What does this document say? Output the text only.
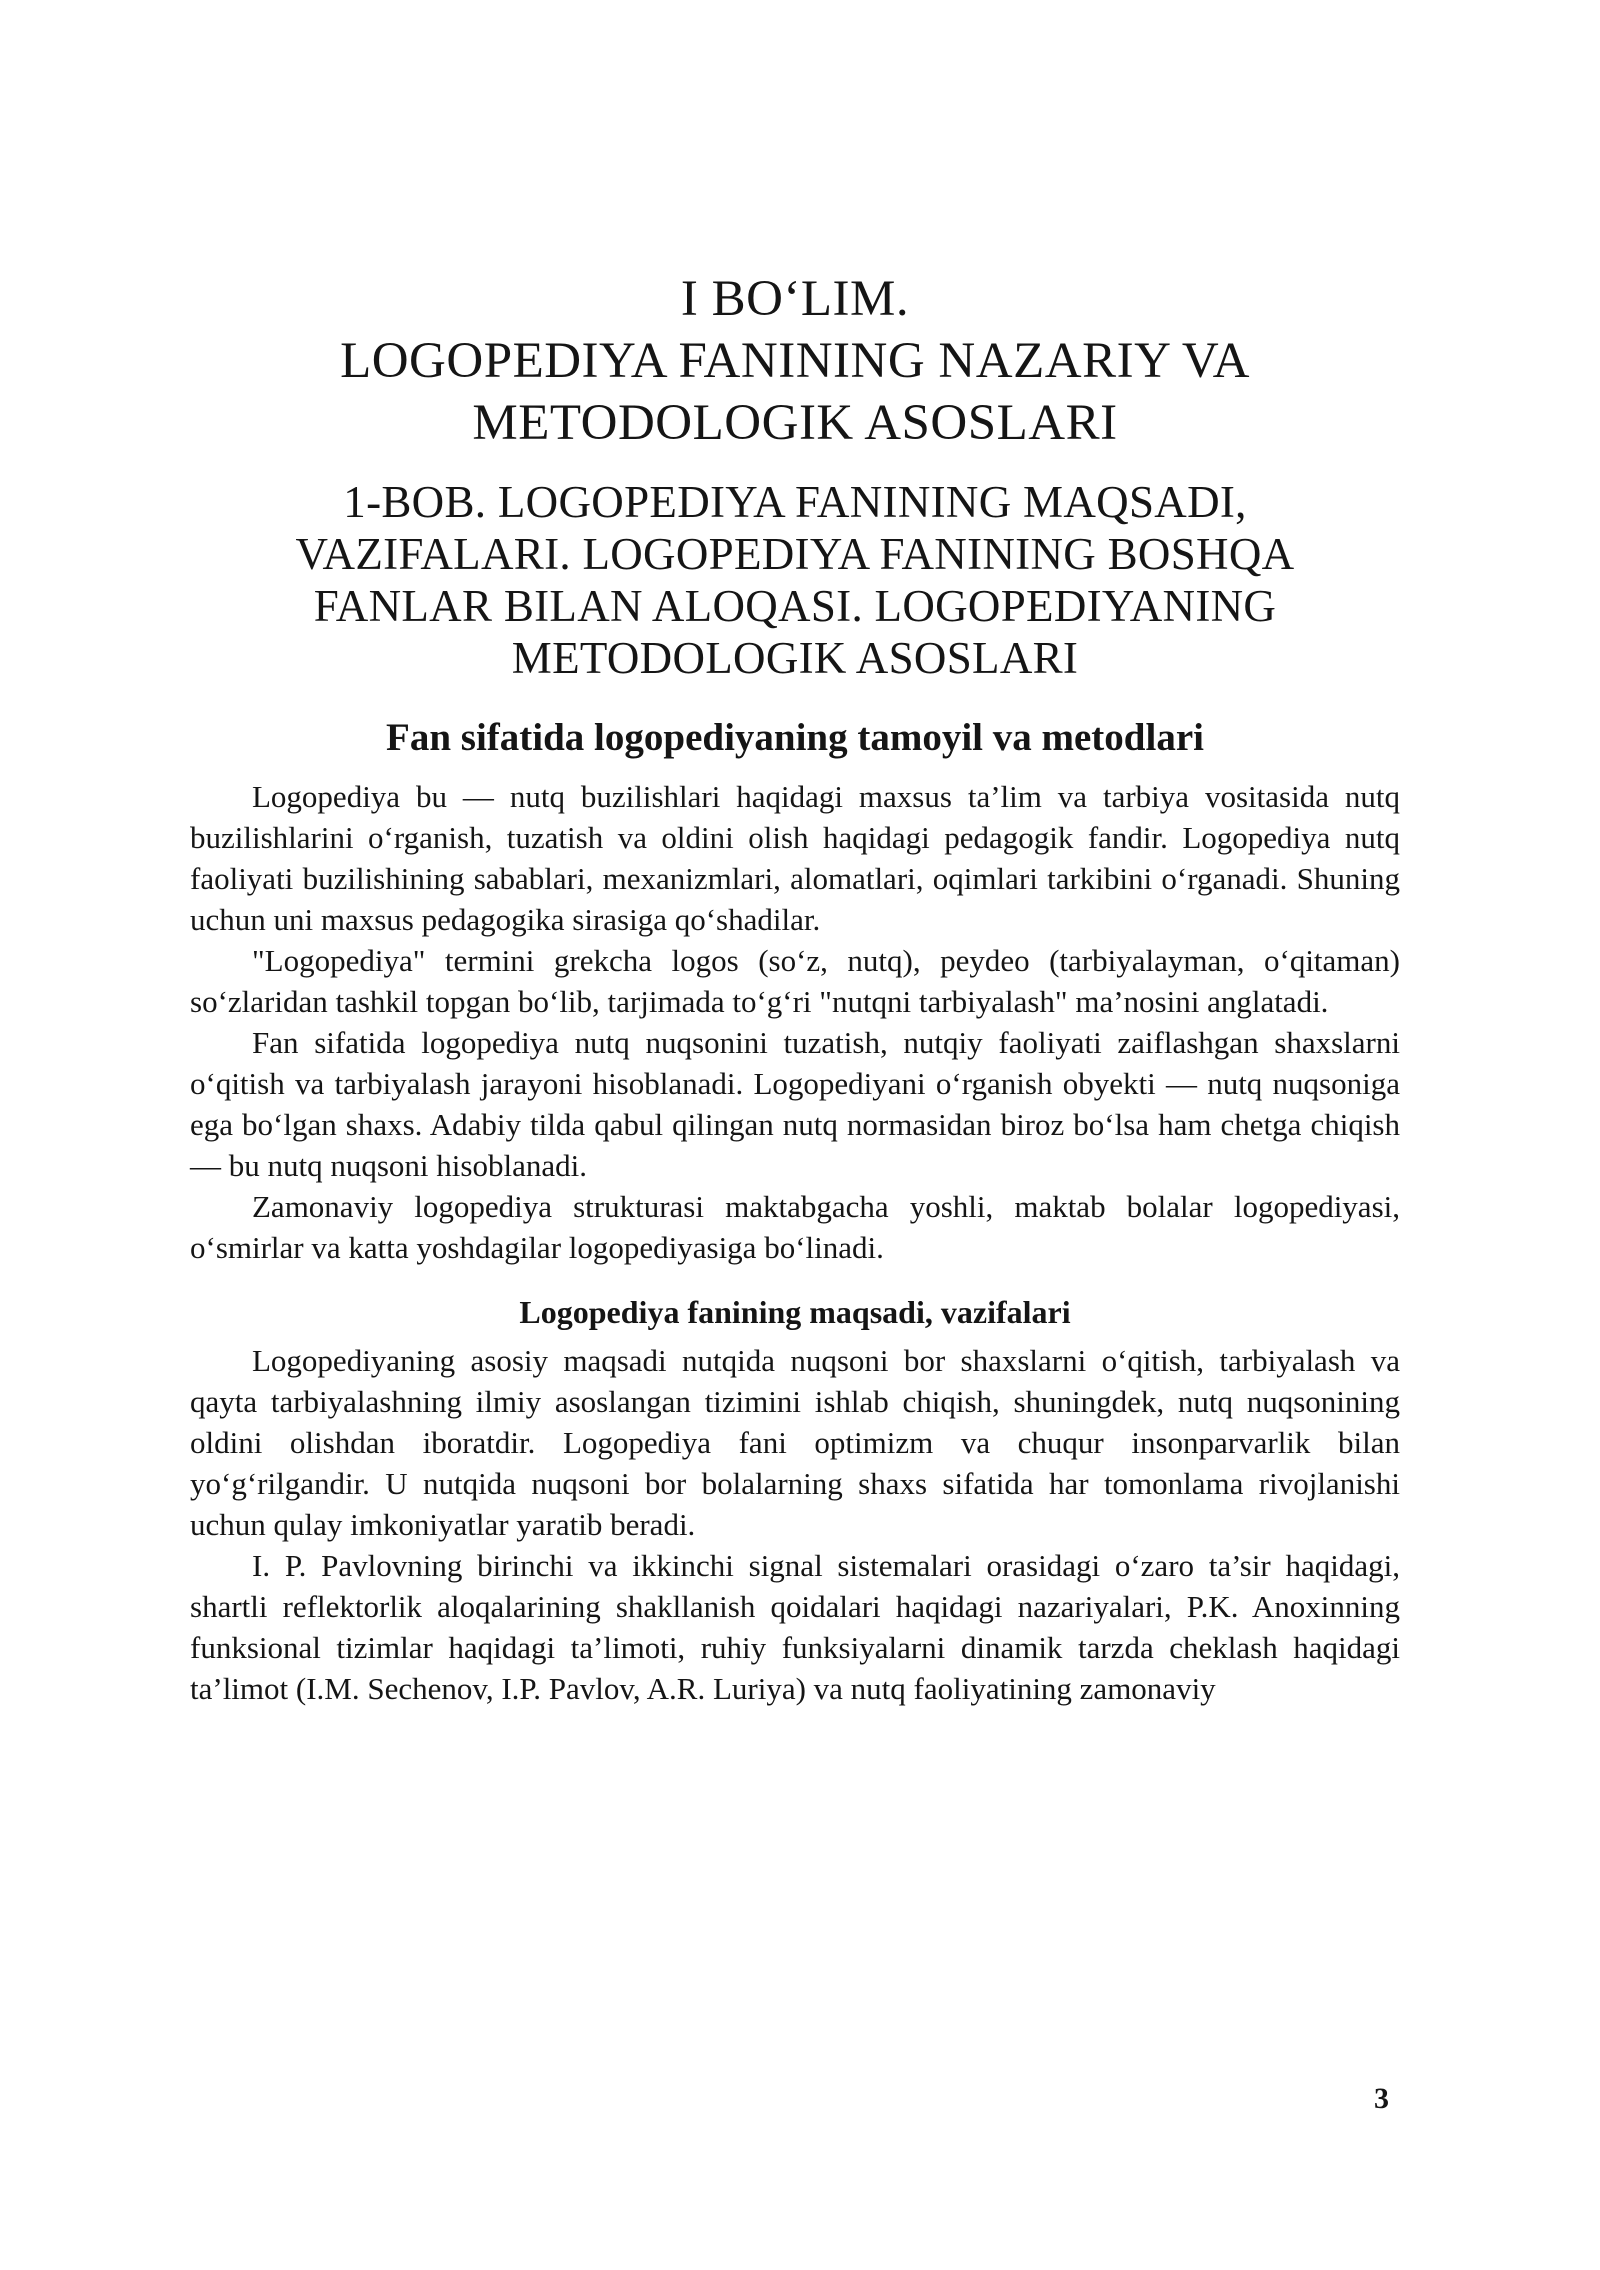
I BO‘LIM.
LOGOPEDIYA FANINING NAZARIY VA
METODOLOGIK ASOSLARI
1-BOB. LOGOPEDIYA FANINING MAQSADI,
VAZIFALARI. LOGOPEDIYA FANINING BOSHQA
FANLAR BILAN ALOQASI. LOGOPEDIYANING
METODOLOGIK ASOSLARI
Fan sifatida logopediyaning tamoyil va metodlari

Logopediya bu — nutq buzilishlari haqidagi maxsus ta’lim va tarbiya vositasida nutq buzilishlarini o‘rganish, tuzatish va oldini olish haqidagi pedagogik fandir. Logopediya nutq faoliyati buzilishining sabablari, mexanizmlari, alomatlari, oqimlari tarkibini o‘rganadi. Shuning uchun uni maxsus pedagogika sirasiga qo‘shadilar.

"Logopediya" termini grekcha logos (so‘z, nutq), peydeo (tarbiyalayman, o‘qitaman) so‘zlaridan tashkil topgan bo‘lib, tarjimada to‘g‘ri "nutqni tarbiyalash" ma’nosini anglatadi.

Fan sifatida logopediya nutq nuqsonini tuzatish, nutqiy faoliyati zaiflashgan shaxslarni o‘qitish va tarbiyalash jarayoni hisoblanadi. Logopediyani o‘rganish obyekti — nutq nuqsoniga ega bo‘lgan shaxs. Adabiy tilda qabul qilingan nutq normasidan biroz bo‘lsa ham chetga chiqish — bu nutq nuqsoni hisoblanadi.

Zamonaviy logopediya strukturasi maktabgacha yoshli, maktab bolalar logopediyasi, o‘smirlar va katta yoshdagilar logopediyasiga bo‘linadi.

Logopediya fanining maqsadi, vazifalari

Logopediyaning asosiy maqsadi nutqida nuqsoni bor shaxslarni o‘qitish, tarbiyalash va qayta tarbiyalashning ilmiy asoslangan tizimini ishlab chiqish, shuningdek, nutq nuqsonining oldini olishdan iboratdir. Logopediya fani optimizm va chuqur insonparvarlik bilan yo‘g‘rilgandir. U nutqida nuqsoni bor bolalarning shaxs sifatida har tomonlama rivojlanishi uchun qulay imkoniyatlar yaratib beradi.

I. P. Pavlovning birinchi va ikkinchi signal sistemalari orasidagi o‘zaro ta’sir haqidagi, shartli reflektorlik aloqalarining shakllanish qoidalari haqidagi nazariyalari, P.K. Anoxinning funksional tizimlar haqidagi ta’limoti, ruhiy funksiyalarni dinamik tarzda cheklash haqidagi ta’limot (I.M. Sechenov, I.P. Pavlov, A.R. Luriya) va nutq faoliyatining zamonaviy

3
